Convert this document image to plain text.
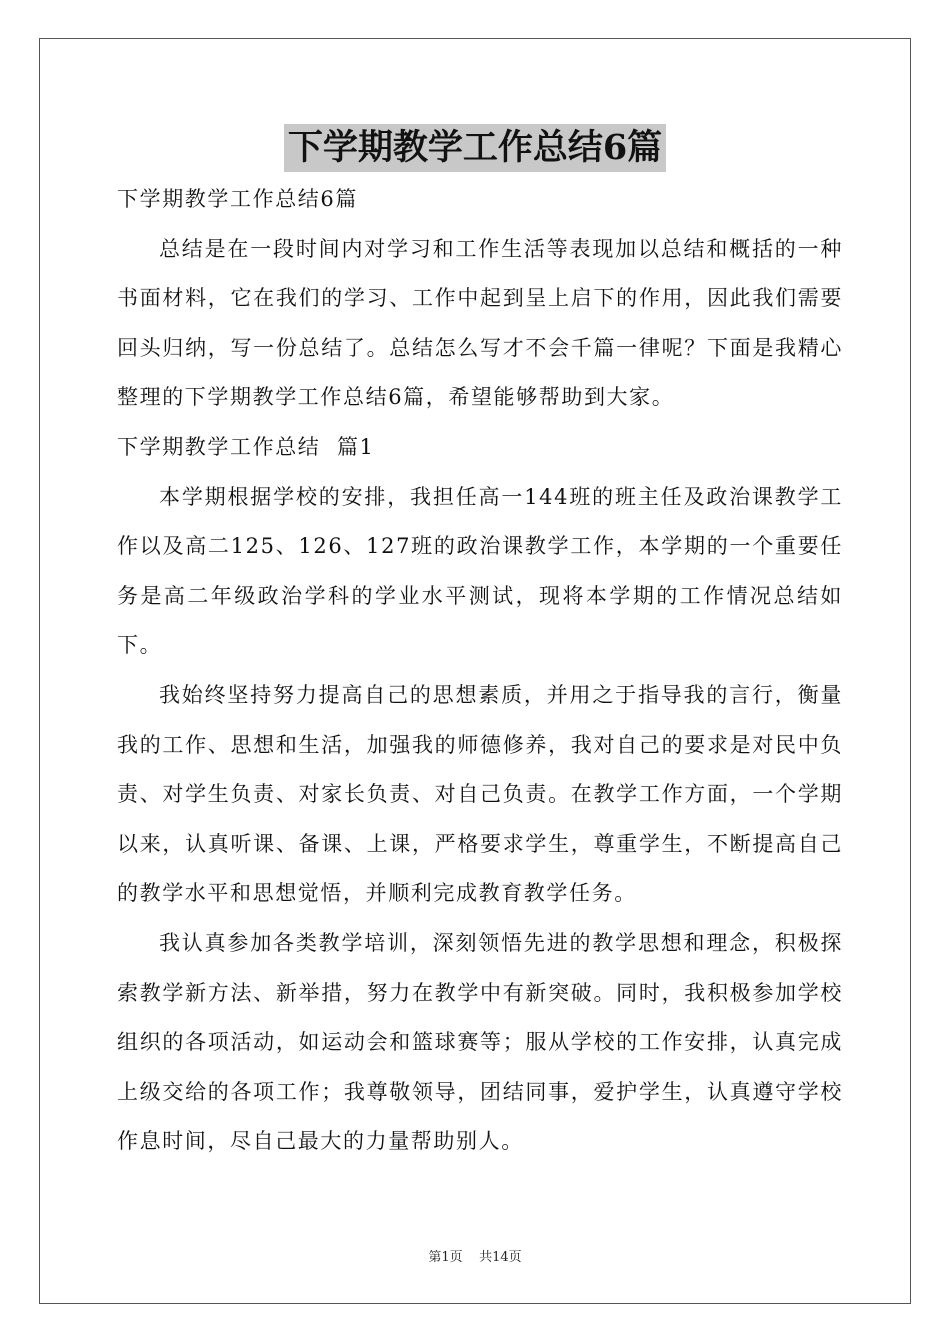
下学期教学工作总结6篇
下学期教学工作总结6篇

总结是在一段时间内对学习和工作生活等表现加以总结和概括的一种书面材料，它在我们的学习、工作中起到呈上启下的作用，因此我们需要回头归纳，写一份总结了。总结怎么写才不会千篇一律呢？下面是我精心整理的下学期教学工作总结6篇，希望能够帮助到大家。

下学期教学工作总结  篇1

本学期根据学校的安排，我担任高一144班的班主任及政治课教学工作以及高二125、126、127班的政治课教学工作，本学期的一个重要任务是高二年级政治学科的学业水平测试，现将本学期的工作情况总结如下。

我始终坚持努力提高自己的思想素质，并用之于指导我的言行，衡量我的工作、思想和生活，加强我的师德修养，我对自己的要求是对民中负责、对学生负责、对家长负责、对自己负责。在教学工作方面，一个学期以来，认真听课、备课、上课，严格要求学生，尊重学生，不断提高自己的教学水平和思想觉悟，并顺利完成教育教学任务。

我认真参加各类教学培训，深刻领悟先进的教学思想和理念，积极探索教学新方法、新举措，努力在教学中有新突破。同时，我积极参加学校组织的各项活动，如运动会和篮球赛等；服从学校的工作安排，认真完成上级交给的各项工作；我尊敬领导，团结同事，爱护学生，认真遵守学校作息时间，尽自己最大的力量帮助别人。

第1页    共14页
